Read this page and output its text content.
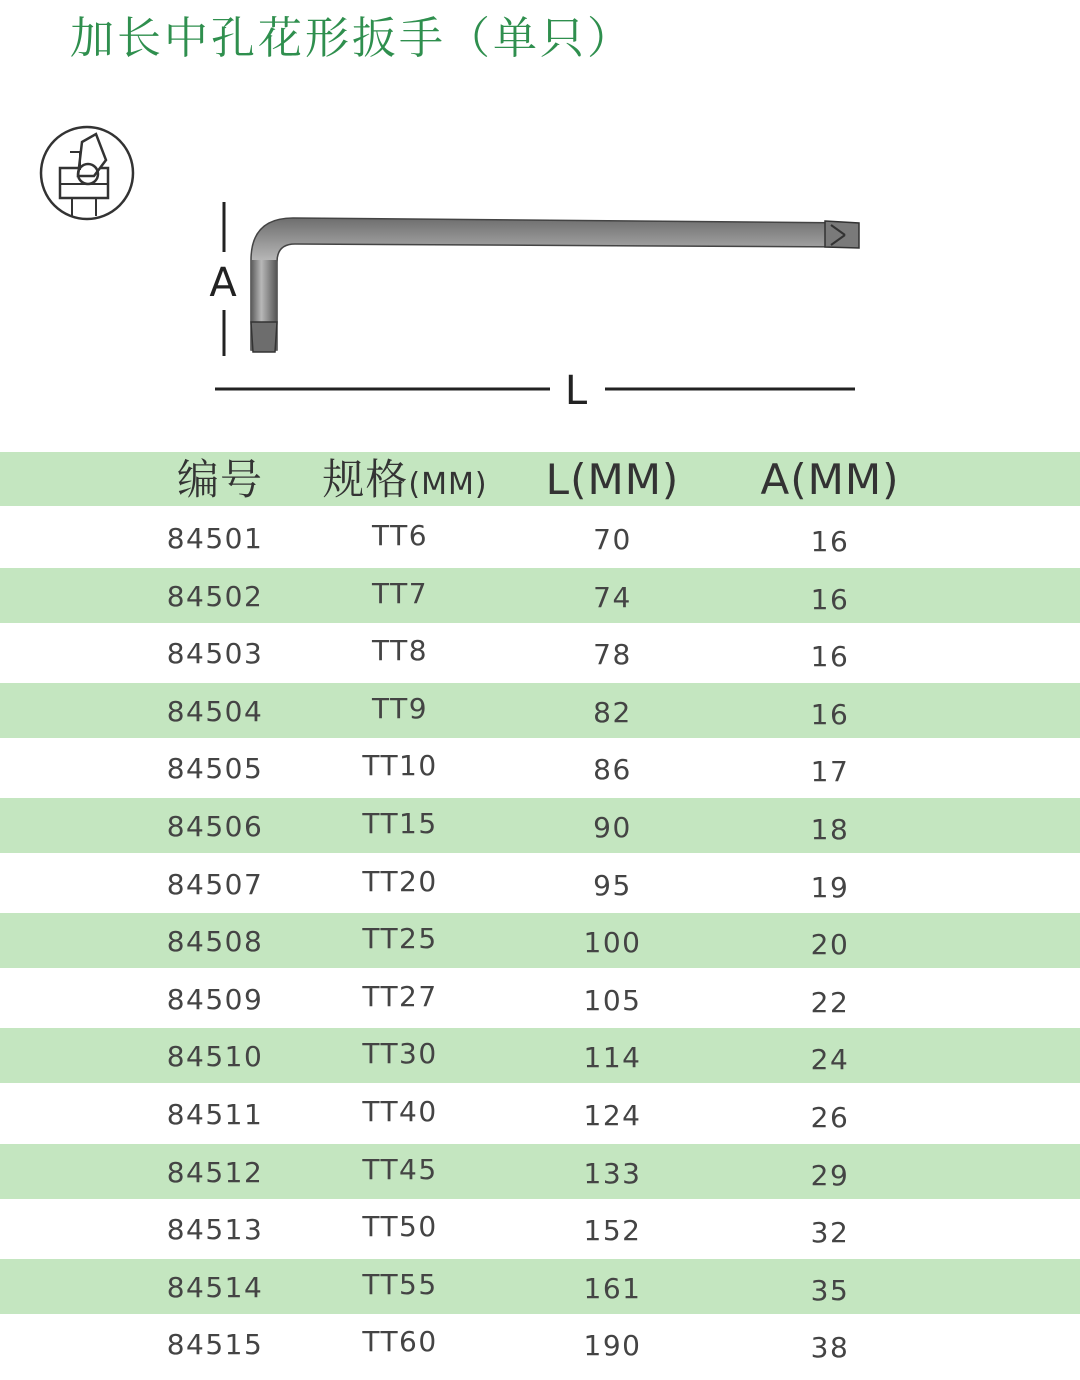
加长中孔花形扳手（单只）
A
L
编号	规格(MM)	L(MM)	A(MM)
84501	TT6	70	16
84502	TT7	74	16
84503	TT8	78	16
84504	TT9	82	16
84505	TT10	86	17
84506	TT15	90	18
84507	TT20	95	19
84508	TT25	100	20
84509	TT27	105	22
84510	TT30	114	24
84511	TT40	124	26
84512	TT45	133	29
84513	TT50	152	32
84514	TT55	161	35
84515	TT60	190	38
